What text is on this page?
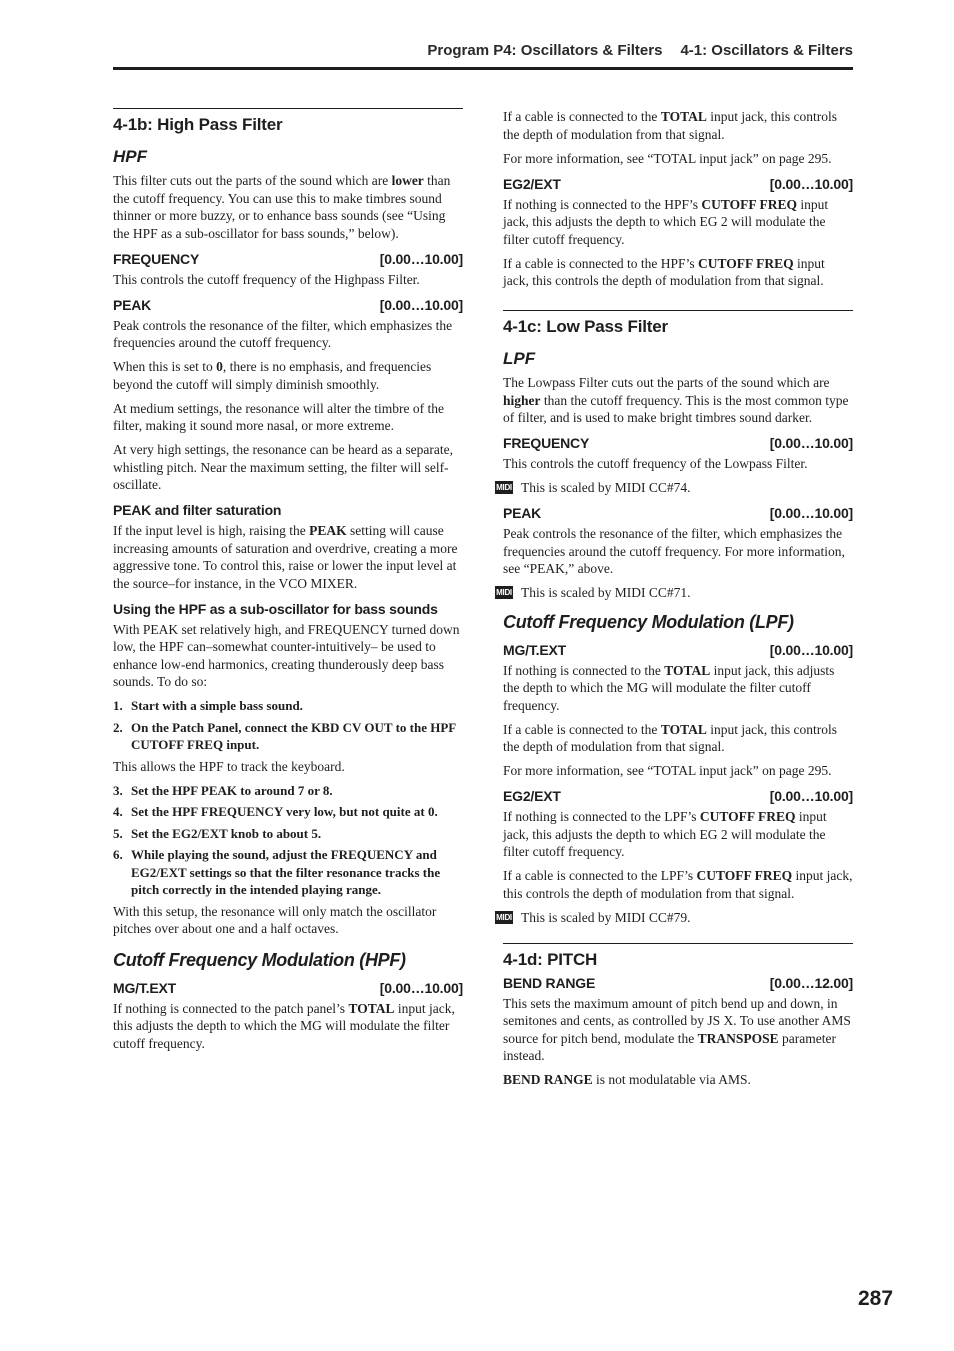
Program P4: Oscillators & Filters 4-1: Oscillators & Filters
4-1b: High Pass Filter
HPF

This filter cuts out the parts of the sound which are lower than the cutoff frequency. You can use this to make timbres sound thinner or more buzzy, or to enhance bass sounds (see “Using the HPF as a sub-oscillator for bass sounds,” below).

FREQUENCY	[0.00…10.00]

This controls the cutoff frequency of the Highpass Filter.

PEAK	[0.00…10.00]

Peak controls the resonance of the filter, which emphasizes the frequencies around the cutoff frequency.

When this is set to 0, there is no emphasis, and frequencies beyond the cutoff will simply diminish smoothly.

At medium settings, the resonance will alter the timbre of the filter, making it sound more nasal, or more extreme.

At very high settings, the resonance can be heard as a separate, whistling pitch. Near the maximum setting, the filter will self-oscillate.

PEAK and filter saturation

If the input level is high, raising the PEAK setting will cause increasing amounts of saturation and overdrive, creating a more aggressive tone. To control this, raise or lower the input level at the source–for instance, in the VCO MIXER.

Using the HPF as a sub-oscillator for bass sounds

With PEAK set relatively high, and FREQUENCY turned down low, the HPF can–somewhat counter-intuitively– be used to enhance low-end harmonics, creating thunderously deep bass sounds. To do so:

1. Start with a simple bass sound.
2. On the Patch Panel, connect the KBD CV OUT to the HPF CUTOFF FREQ input.

This allows the HPF to track the keyboard.

3. Set the HPF PEAK to around 7 or 8.
4. Set the HPF FREQUENCY very low, but not quite at 0.
5. Set the EG2/EXT knob to about 5.
6. While playing the sound, adjust the FREQUENCY and EG2/EXT settings so that the filter resonance tracks the pitch correctly in the intended playing range.

With this setup, the resonance will only match the oscillator pitches over about one and a half octaves.

Cutoff Frequency Modulation (HPF)
MG/T.EXT	[0.00…10.00]

If nothing is connected to the patch panel’s TOTAL input jack, this adjusts the depth to which the MG will modulate the filter cutoff frequency.

If a cable is connected to the TOTAL input jack, this controls the depth of modulation from that signal.

For more information, see “TOTAL input jack” on page 295.

EG2/EXT	[0.00…10.00]

If nothing is connected to the HPF’s CUTOFF FREQ input jack, this adjusts the depth to which EG 2 will modulate the filter cutoff frequency.

If a cable is connected to the HPF’s CUTOFF FREQ input jack, this controls the depth of modulation from that signal.

4-1c: Low Pass Filter
LPF

The Lowpass Filter cuts out the parts of the sound which are higher than the cutoff frequency. This is the most common type of filter, and is used to make bright timbres sound darker.

FREQUENCY	[0.00…10.00]

This controls the cutoff frequency of the Lowpass Filter.

MIDI This is scaled by MIDI CC#74.
PEAK	[0.00…10.00]

Peak controls the resonance of the filter, which emphasizes the frequencies around the cutoff frequency. For more information, see “PEAK,” above.

MIDI This is scaled by MIDI CC#71.
Cutoff Frequency Modulation (LPF)
MG/T.EXT	[0.00…10.00]

If nothing is connected to the TOTAL input jack, this adjusts the depth to which the MG will modulate the filter cutoff frequency.

If a cable is connected to the TOTAL input jack, this controls the depth of modulation from that signal.

For more information, see “TOTAL input jack” on page 295.

EG2/EXT	[0.00…10.00]

If nothing is connected to the LPF’s CUTOFF FREQ input jack, this adjusts the depth to which EG 2 will modulate the filter cutoff frequency.

If a cable is connected to the LPF’s CUTOFF FREQ input jack, this controls the depth of modulation from that signal.

MIDI This is scaled by MIDI CC#79.
4-1d: PITCH
BEND RANGE	[0.00…12.00]

This sets the maximum amount of pitch bend up and down, in semitones and cents, as controlled by JS X. To use another AMS source for pitch bend, modulate the TRANSPOSE parameter instead.

BEND RANGE is not modulatable via AMS.

287
